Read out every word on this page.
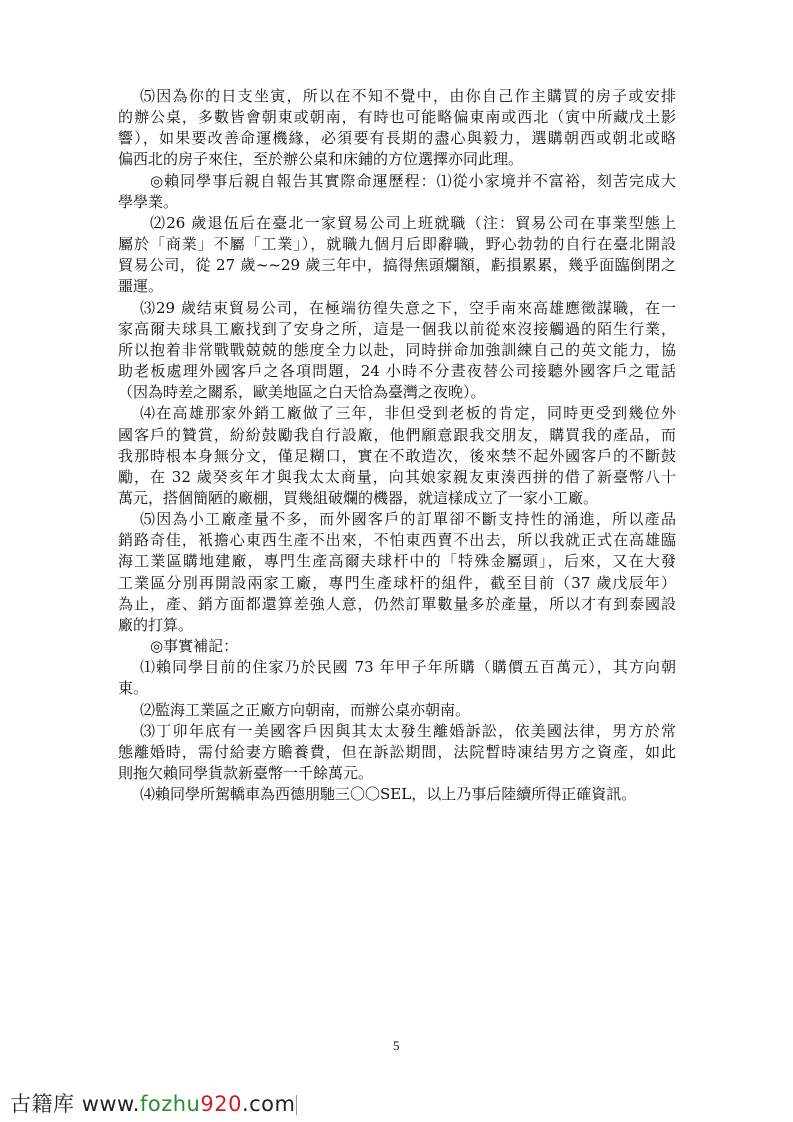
⑸因為你的日支坐寅，所以在不知不覺中，由你自己作主購買的房子或安排
的辦公桌，多數皆會朝東或朝南，有時也可能略偏東南或西北（寅中所藏戊土影
響），如果要改善命運機緣，必須要有長期的盡心與毅力，選購朝西或朝北或略
偏西北的房子來住，至於辦公桌和床鋪的方位選擇亦同此理。

◎賴同學事后親自報告其實際命運歷程：⑴從小家境并不富裕，刻苦完成大
學學業。

⑵26 歲退伍后在臺北一家貿易公司上班就職（注：貿易公司在事業型態上
屬於「商業」不屬「工業」），就職九個月后即辭職，野心勃勃的自行在臺北開設
貿易公司，從 27 歲~~29 歲三年中，搞得焦頭爛額，虧損累累，幾乎面臨倒閉之
噩運。

⑶29 歲结束貿易公司，在極端彷徨失意之下，空手南來高雄應徵謀職，在一
家高爾夫球具工廠找到了安身之所，這是一個我以前從來沒接觸過的陌生行業，
所以抱着非常戰戰兢兢的態度全力以赴，同時拼命加強訓練自己的英文能力，協
助老板處理外國客戶之各項問題，24 小時不分晝夜替公司接聽外國客戶之電話
（因為時差之關系，歐美地區之白天恰為臺灣之夜晚）。

⑷在高雄那家外銷工廠做了三年，非但受到老板的肯定，同時更受到幾位外
國客戶的贊賞，紛紛鼓勵我自行設廠，他們願意跟我交朋友，購買我的產品，而
我那時根本身無分文，僅足糊口，實在不敢造次，後來禁不起外國客戶的不斷鼓
勵，在 32 歲癸亥年才與我太太商量，向其娘家親友東湊西拼的借了新臺幣八十
萬元，搭個簡陋的廠棚，買幾組破爛的機器，就這樣成立了一家小工廠。

⑸因為小工廠產量不多，而外國客戶的訂單卻不斷支持性的涌進，所以產品
銷路奇佳，衹擔心東西生產不出來，不怕東西賣不出去，所以我就正式在高雄臨
海工業區購地建廠，專門生產高爾夫球杆中的「特殊金屬頭」，后來，又在大發
工業區分別再開設兩家工廠，專門生產球杆的組件，截至目前（37 歲戊辰年）
為止，產、銷方面都還算差強人意，仍然訂單數量多於產量，所以才有到泰國設
廠的打算。

◎事實補記：

⑴賴同學目前的住家乃於民國 73 年甲子年所購（購價五百萬元），其方向朝
東。

⑵監海工業區之正廠方向朝南，而辦公桌亦朝南。

⑶丁卯年底有一美國客戶因與其太太發生離婚訴訟，依美國法律，男方於常
態離婚時，需付給妻方贍養費，但在訴訟期間，法院暫時凍结男方之資產，如此
則拖欠賴同學貨款新臺幣一千餘萬元。

⑷賴同學所駕轎車為西德朋馳三〇〇SEL，以上乃事后陸續所得正確資訊。

5
古籍库 www.fozhu920.com
